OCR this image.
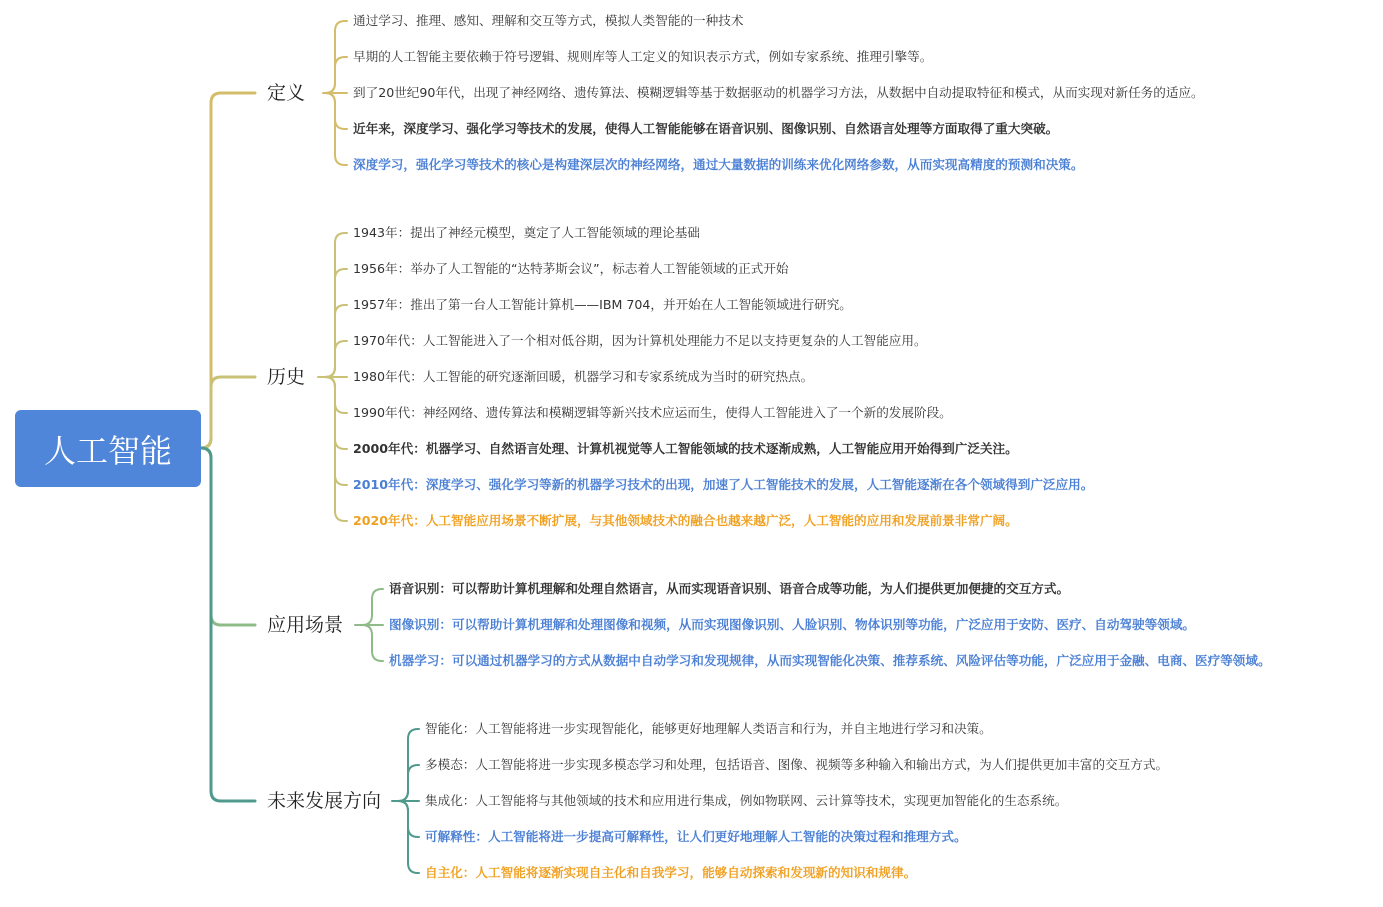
人工智能
定义
通过学习、推理、感知、理解和交互等方式，模拟人类智能的一种技术
早期的人工智能主要依赖于符号逻辑、规则库等人工定义的知识表示方式，例如专家系统、推理引擎等。
到了20世纪90年代，出现了神经网络、遗传算法、模糊逻辑等基于数据驱动的机器学习方法，从数据中自动提取特征和模式，从而实现对新任务的适应。
近年来，深度学习、强化学习等技术的发展，使得人工智能能够在语音识别、图像识别、自然语言处理等方面取得了重大突破。
深度学习，强化学习等技术的核心是构建深层次的神经网络，通过大量数据的训练来优化网络参数，从而实现高精度的预测和决策。
历史
1943年：提出了神经元模型，奠定了人工智能领域的理论基础
1956年：举办了人工智能的“达特茅斯会议”，标志着人工智能领域的正式开始
1957年：推出了第一台人工智能计算机——IBM 704，并开始在人工智能领域进行研究。
1970年代：人工智能进入了一个相对低谷期，因为计算机处理能力不足以支持更复杂的人工智能应用。
1980年代：人工智能的研究逐渐回暖，机器学习和专家系统成为当时的研究热点。
1990年代：神经网络、遗传算法和模糊逻辑等新兴技术应运而生，使得人工智能进入了一个新的发展阶段。
2000年代：机器学习、自然语言处理、计算机视觉等人工智能领域的技术逐渐成熟，人工智能应用开始得到广泛关注。
2010年代：深度学习、强化学习等新的机器学习技术的出现，加速了人工智能技术的发展，人工智能逐渐在各个领域得到广泛应用。
2020年代：人工智能应用场景不断扩展，与其他领域技术的融合也越来越广泛，人工智能的应用和发展前景非常广阔。
应用场景
语音识别：可以帮助计算机理解和处理自然语言，从而实现语音识别、语音合成等功能，为人们提供更加便捷的交互方式。
图像识别：可以帮助计算机理解和处理图像和视频，从而实现图像识别、人脸识别、物体识别等功能，广泛应用于安防、医疗、自动驾驶等领域。
机器学习：可以通过机器学习的方式从数据中自动学习和发现规律，从而实现智能化决策、推荐系统、风险评估等功能，广泛应用于金融、电商、医疗等领域。
未来发展方向
智能化：人工智能将进一步实现智能化，能够更好地理解人类语言和行为，并自主地进行学习和决策。
多模态：人工智能将进一步实现多模态学习和处理，包括语音、图像、视频等多种输入和输出方式，为人们提供更加丰富的交互方式。
集成化：人工智能将与其他领域的技术和应用进行集成，例如物联网、云计算等技术，实现更加智能化的生态系统。
可解释性：人工智能将进一步提高可解释性，让人们更好地理解人工智能的决策过程和推理方式。
自主化：人工智能将逐渐实现自主化和自我学习，能够自动探索和发现新的知识和规律。
